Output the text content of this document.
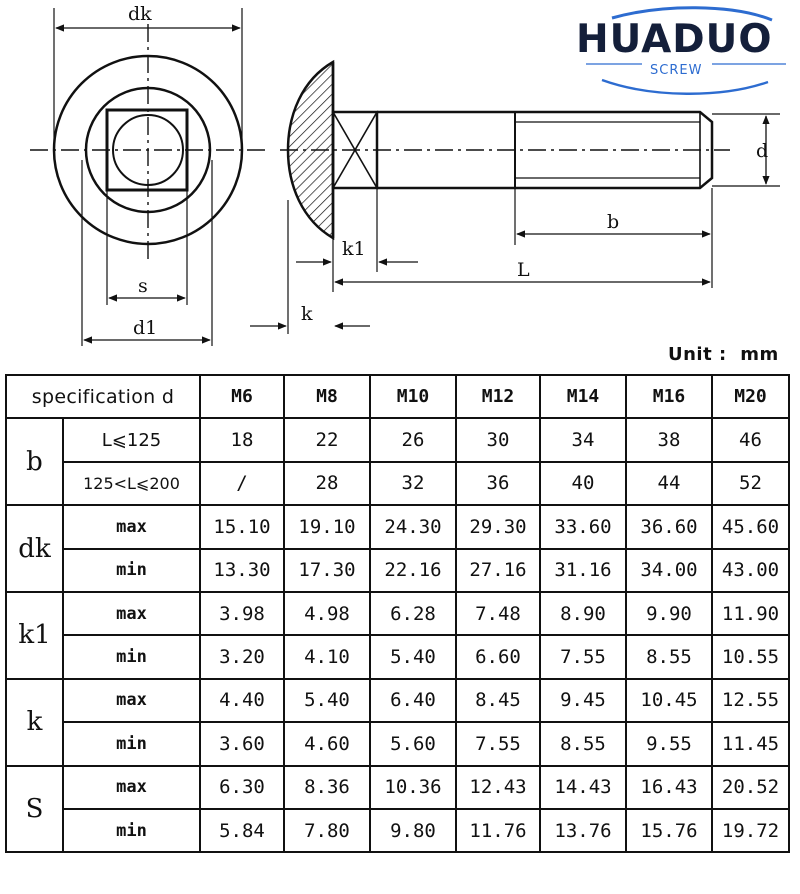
dk
s
d1
d
b
L
k1
k
HUADUO
SCREW
Unit :  mm
specification d		M6	M8	M10	M12	M14	M16	M20
b	L⩽125	18	22	26	30	34	38	46
	125<L⩽200	/	28	32	36	40	44	52
dk	max	15.10	19.10	24.30	29.30	33.60	36.60	45.60
	min	13.30	17.30	22.16	27.16	31.16	34.00	43.00
k1	max	3.98	4.98	6.28	7.48	8.90	9.90	11.90
	min	3.20	4.10	5.40	6.60	7.55	8.55	10.55
k	max	4.40	5.40	6.40	8.45	9.45	10.45	12.55
	min	3.60	4.60	5.60	7.55	8.55	9.55	11.45
S	max	6.30	8.36	10.36	12.43	14.43	16.43	20.52
	min	5.84	7.80	9.80	11.76	13.76	15.76	19.72
